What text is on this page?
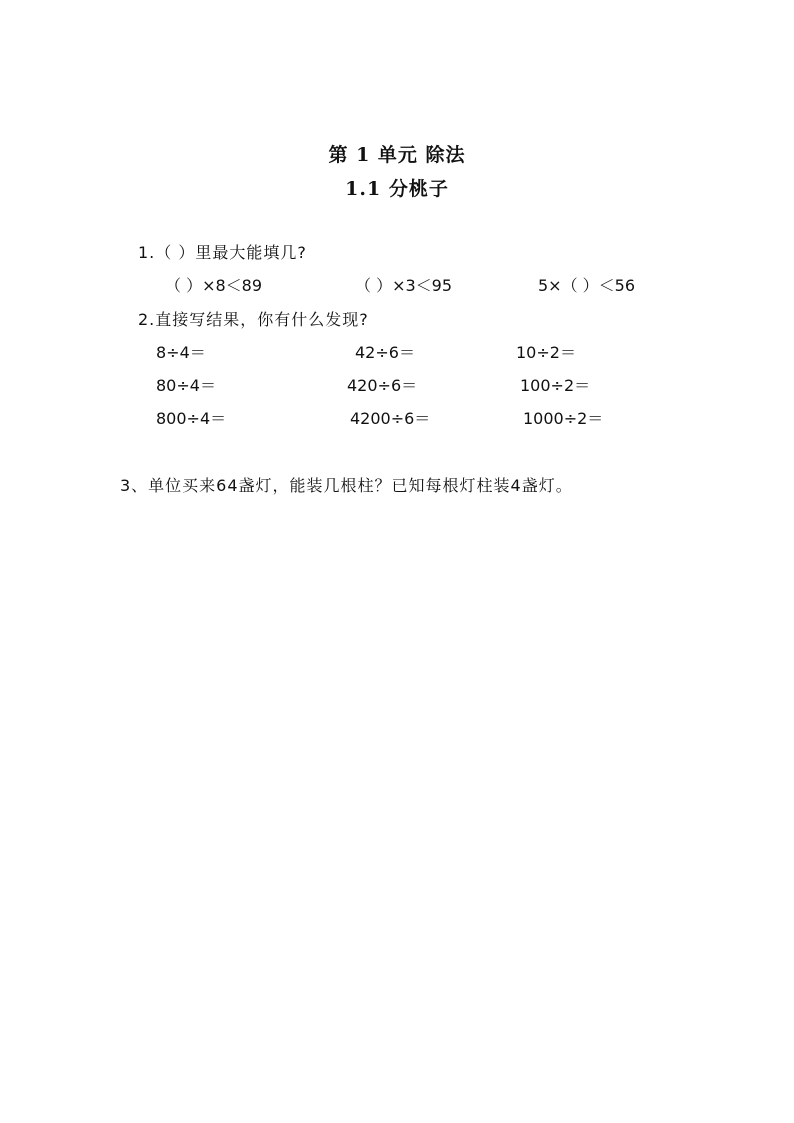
第 1 单元 除法
1.1 分桃子
1.（ ）里最大能填几?
（ ）×8＜89	（ ）×3＜95	5×（ ）＜56
2.直接写结果，你有什么发现?
8÷4＝	42÷6＝	10÷2＝
80÷4＝	420÷6＝	100÷2＝
800÷4＝	4200÷6＝	1000÷2＝
3、单位买来64盏灯，能装几根柱？已知每根灯柱装4盏灯。
